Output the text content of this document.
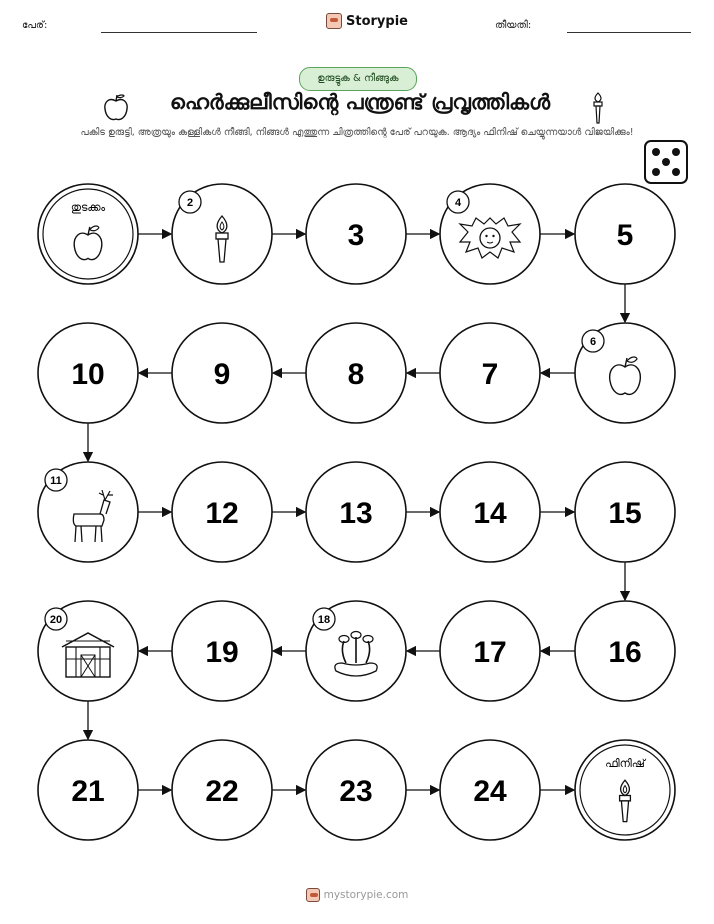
പേര്:	Storypie	തീയതി:
ഉരുട്ടുക & നീങ്ങുക
ഹെർക്കുലീസിന്റെ പന്ത്രണ്ട് പ്രവൃത്തികൾ
പകിട ഉരുട്ടി, അത്രയും കള്ളികൾ നീങ്ങി, നിങ്ങൾ എത്തുന്ന ചിത്രത്തിന്റെ പേര് പറയുക. ആദ്യം ഫിനിഷ് ചെയ്യുന്നയാൾ വിജയിക്കും!
തുടക്കം	2
3
4
5
6
7
8
9
10
11
12	13	14	15
16
17
18
19
20
21	22	23	24
ഫിനിഷ്
mystorypie.com
